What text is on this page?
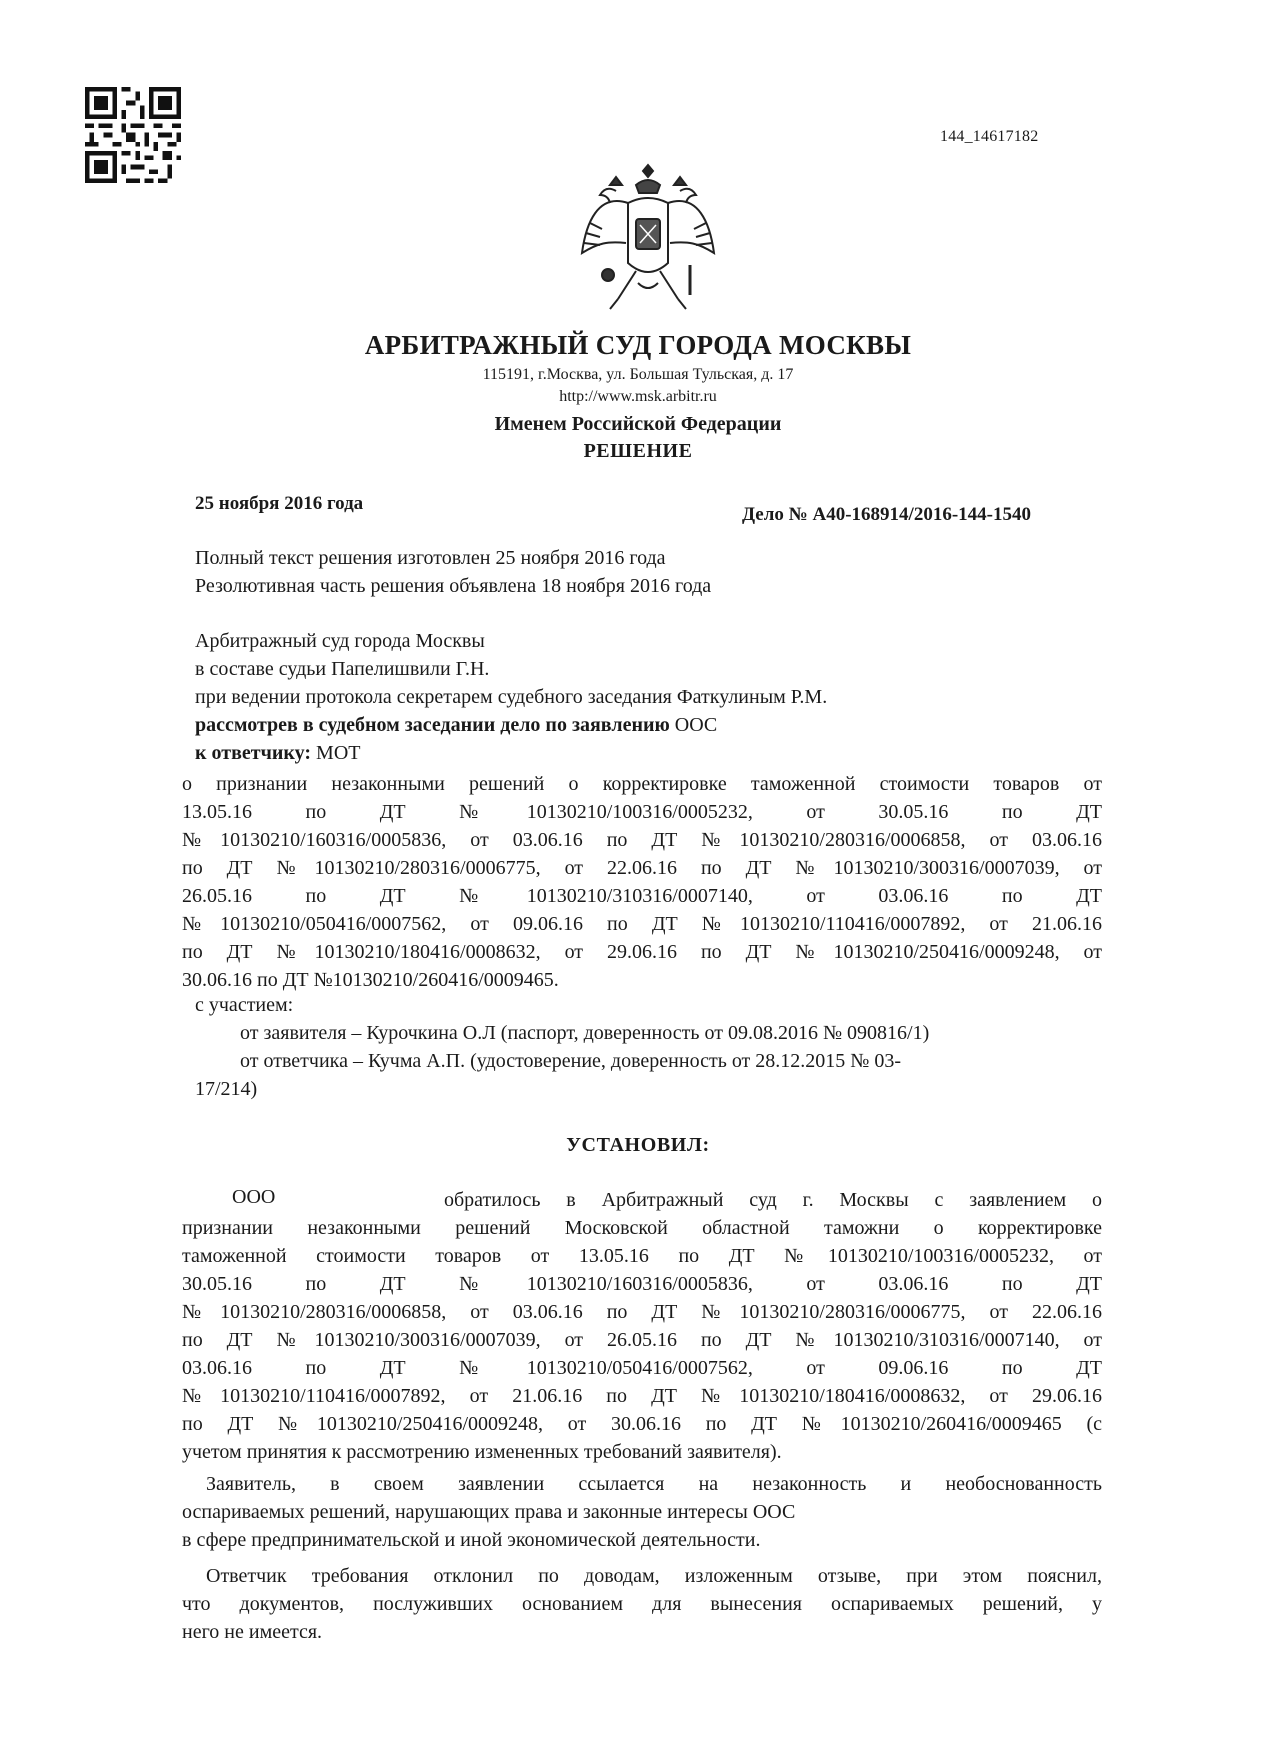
144_14617182
АРБИТРАЖНЫЙ СУД ГОРОДА МОСКВЫ
115191, г.Москва, ул. Большая Тульская, д. 17
http://www.msk.arbitr.ru
Именем Российской Федерации
РЕШЕНИЕ
25 ноября 2016 года
Дело № А40-168914/2016-144-1540
Полный текст решения изготовлен 25 ноября 2016 года
Резолютивная часть решения объявлена 18 ноября 2016 года
Арбитражный суд города Москвы
в составе судьи Папелишвили Г.Н.
при ведении протокола секретарем судебного заседания Фаткулиным Р.М.
рассмотрев в судебном заседании дело по заявлению ООС
к ответчику: МОТ
о признании незаконными решений о корректировке таможенной стоимости товаров от
13.05.16 по ДТ №10130210/100316/0005232, от 30.05.16 по ДТ
№10130210/160316/0005836, от 03.06.16 по ДТ №10130210/280316/0006858, от 03.06.16
по ДТ №10130210/280316/0006775, от 22.06.16 по ДТ №10130210/300316/0007039, от
26.05.16 по ДТ №10130210/310316/0007140, от 03.06.16 по ДТ
№10130210/050416/0007562, от 09.06.16 по ДТ №10130210/110416/0007892, от 21.06.16
по ДТ №10130210/180416/0008632, от 29.06.16 по ДТ №10130210/250416/0009248, от
30.06.16 по ДТ №10130210/260416/0009465.
с участием:
от заявителя – Курочкина О.Л (паспорт, доверенность от 09.08.2016 № 090816/1)
от ответчика – Кучма А.П. (удостоверение, доверенность от 28.12.2015 № 03-
17/214)
УСТАНОВИЛ:
ООО	обратилось в Арбитражный суд г. Москвы с заявлением о
признании незаконными решений Московской областной таможни о корректировке
таможенной стоимости товаров от 13.05.16 по ДТ №10130210/100316/0005232, от
30.05.16 по ДТ №10130210/160316/0005836, от 03.06.16 по ДТ
№10130210/280316/0006858, от 03.06.16 по ДТ №10130210/280316/0006775, от 22.06.16
по ДТ №10130210/300316/0007039, от 26.05.16 по ДТ №10130210/310316/0007140, от
03.06.16 по ДТ №10130210/050416/0007562, от 09.06.16 по ДТ
№10130210/110416/0007892, от 21.06.16 по ДТ №10130210/180416/0008632, от 29.06.16
по ДТ №10130210/250416/0009248, от 30.06.16 по ДТ №10130210/260416/0009465 (с
учетом принятия к рассмотрению измененных требований заявителя).
Заявитель, в своем заявлении ссылается на незаконность и необоснованность
оспариваемых решений, нарушающих права и законные интересы ООС
в сфере предпринимательской и иной экономической деятельности.
Ответчик требования отклонил по доводам, изложенным отзыве, при этом пояснил,
что документов, послуживших основанием для вынесения оспариваемых решений, у
него не имеется.
